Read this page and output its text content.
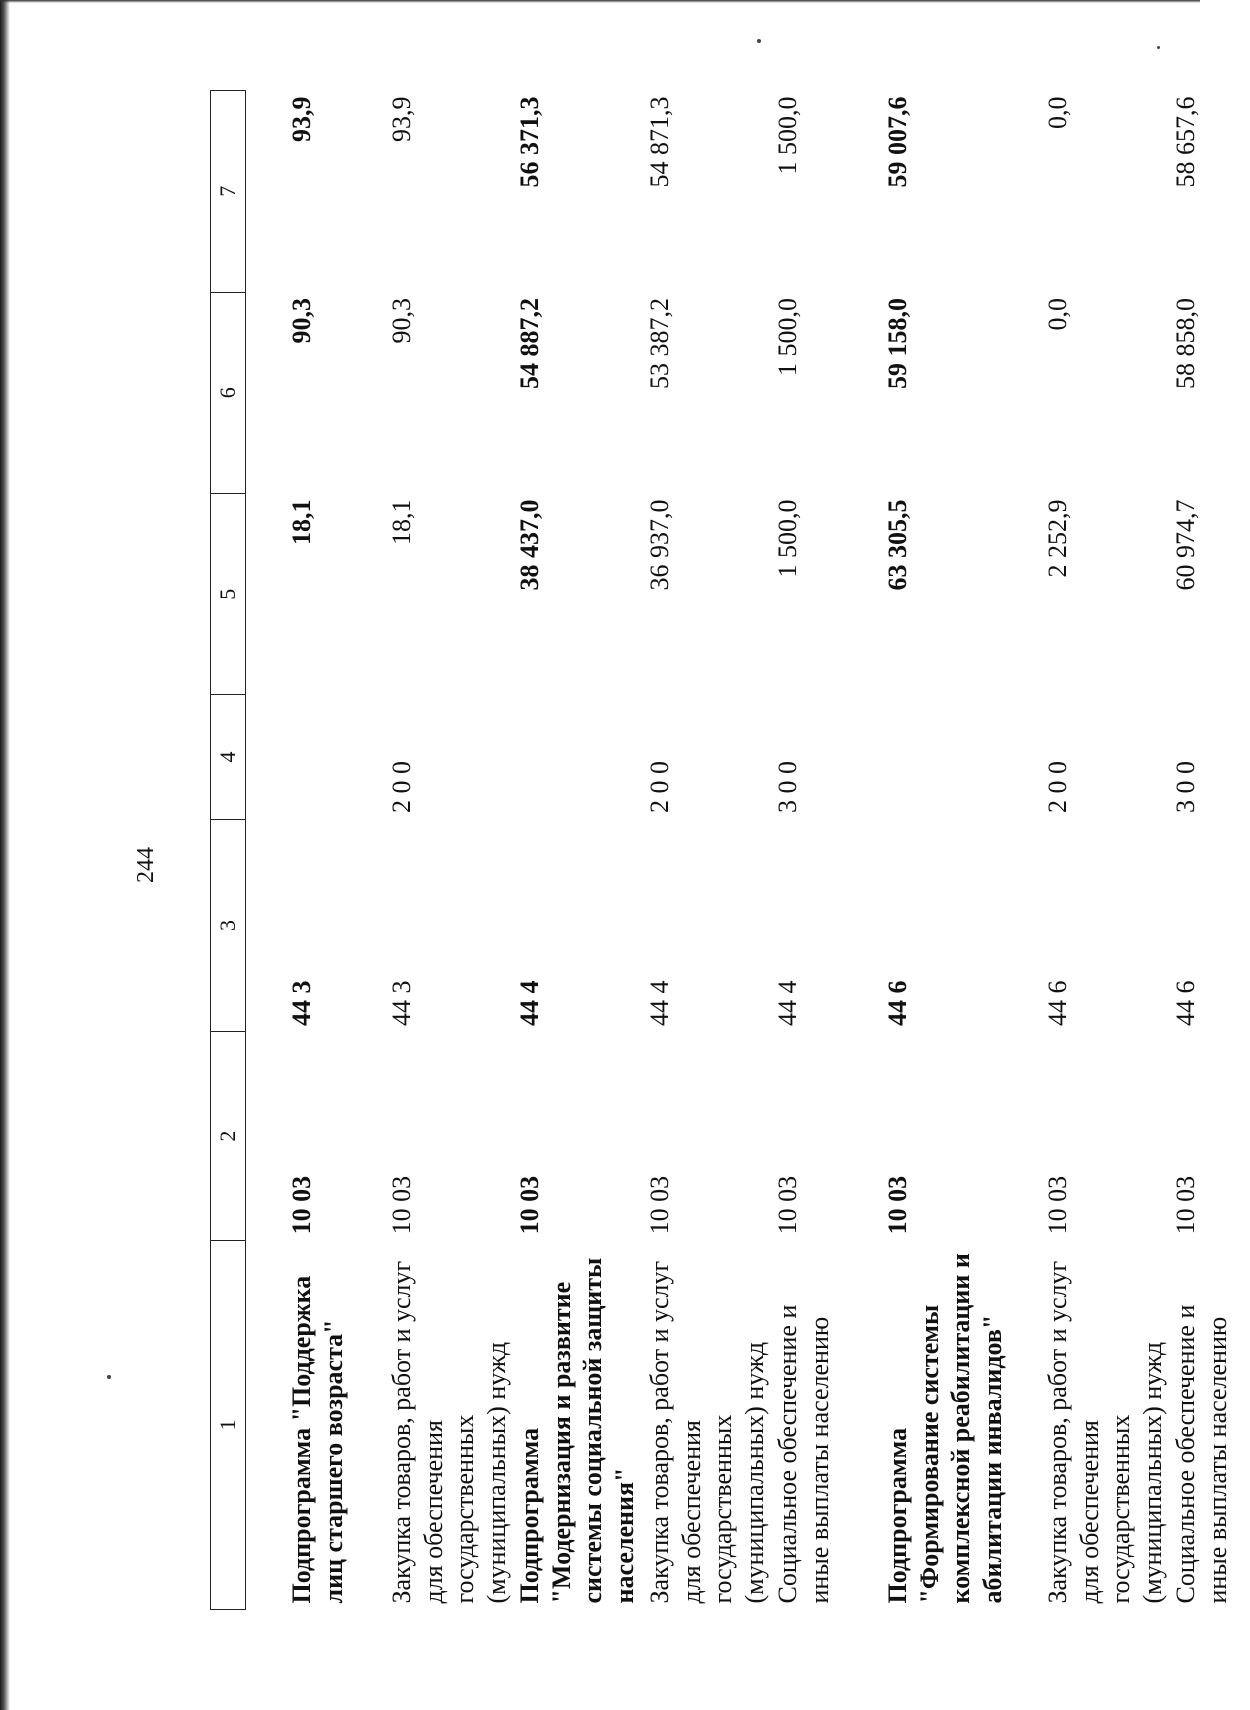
244
1	2	3	4	5	6	7
Подпрограмма "Поддержка лиц старшего возраста"	10 03	44 3		18,1	90,3	93,9
Закупка товаров, работ и услуг для обеспечения государственных (муниципальных) нужд	10 03	44 3	2 0 0	18,1	90,3	93,9
Подпрограмма "Модернизация и развитие системы социальной защиты населения"	10 03	44 4		38 437,0	54 887,2	56 371,3
Закупка товаров, работ и услуг для обеспечения государственных (муниципальных) нужд	10 03	44 4	2 0 0	36 937,0	53 387,2	54 871,3
Социальное обеспечение и иные выплаты населению	10 03	44 4	3 0 0	1 500,0	1 500,0	1 500,0
Подпрограмма "Формирование системы комплексной реабилитации и абилитации инвалидов"	10 03	44 6		63 305,5	59 158,0	59 007,6
Закупка товаров, работ и услуг для обеспечения государственных (муниципальных) нужд	10 03	44 6	2 0 0	2 252,9	0,0	0,0
Социальное обеспечение и иные выплаты населению	10 03	44 6	3 0 0	60 974,7	58 858,0	58 657,6
